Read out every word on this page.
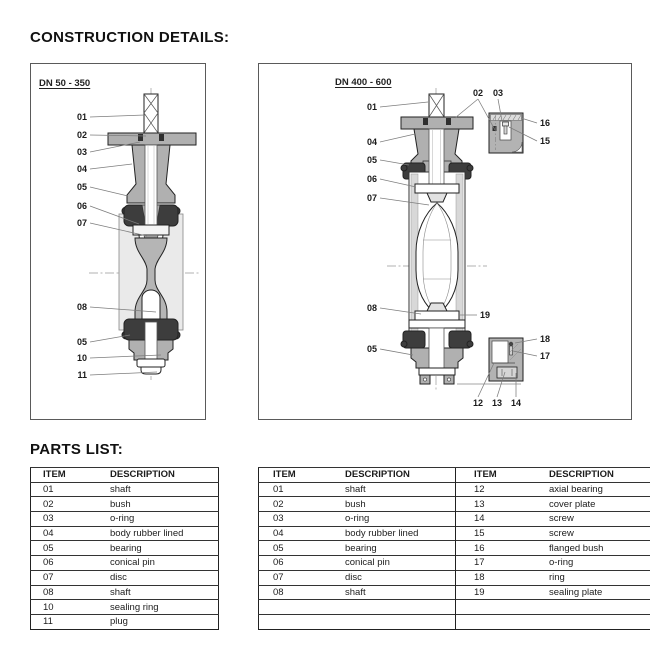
CONSTRUCTION DETAILS:
DN 50 - 350
01
02
03
04
05
06
07
08
05
10
11
DN 400 - 600
01
04
05
06
07
08
19
05
02 03
16
15
18
17
12 13 14
PARTS LIST:
ITEM	DESCRIPTION
01	shaft
02	bush
03	o-ring
04	body rubber lined
05	bearing
06	conical pin
07	disc
08	shaft
10	sealing ring
11	plug
ITEM	DESCRIPTION	ITEM	DESCRIPTION
01	shaft	12	axial bearing
02	bush	13	cover plate
03	o-ring	14	screw
04	body rubber lined	15	screw
05	bearing	16	flanged bush
06	conical pin	17	o-ring
07	disc	18	ring
08	shaft	19	sealing plate
